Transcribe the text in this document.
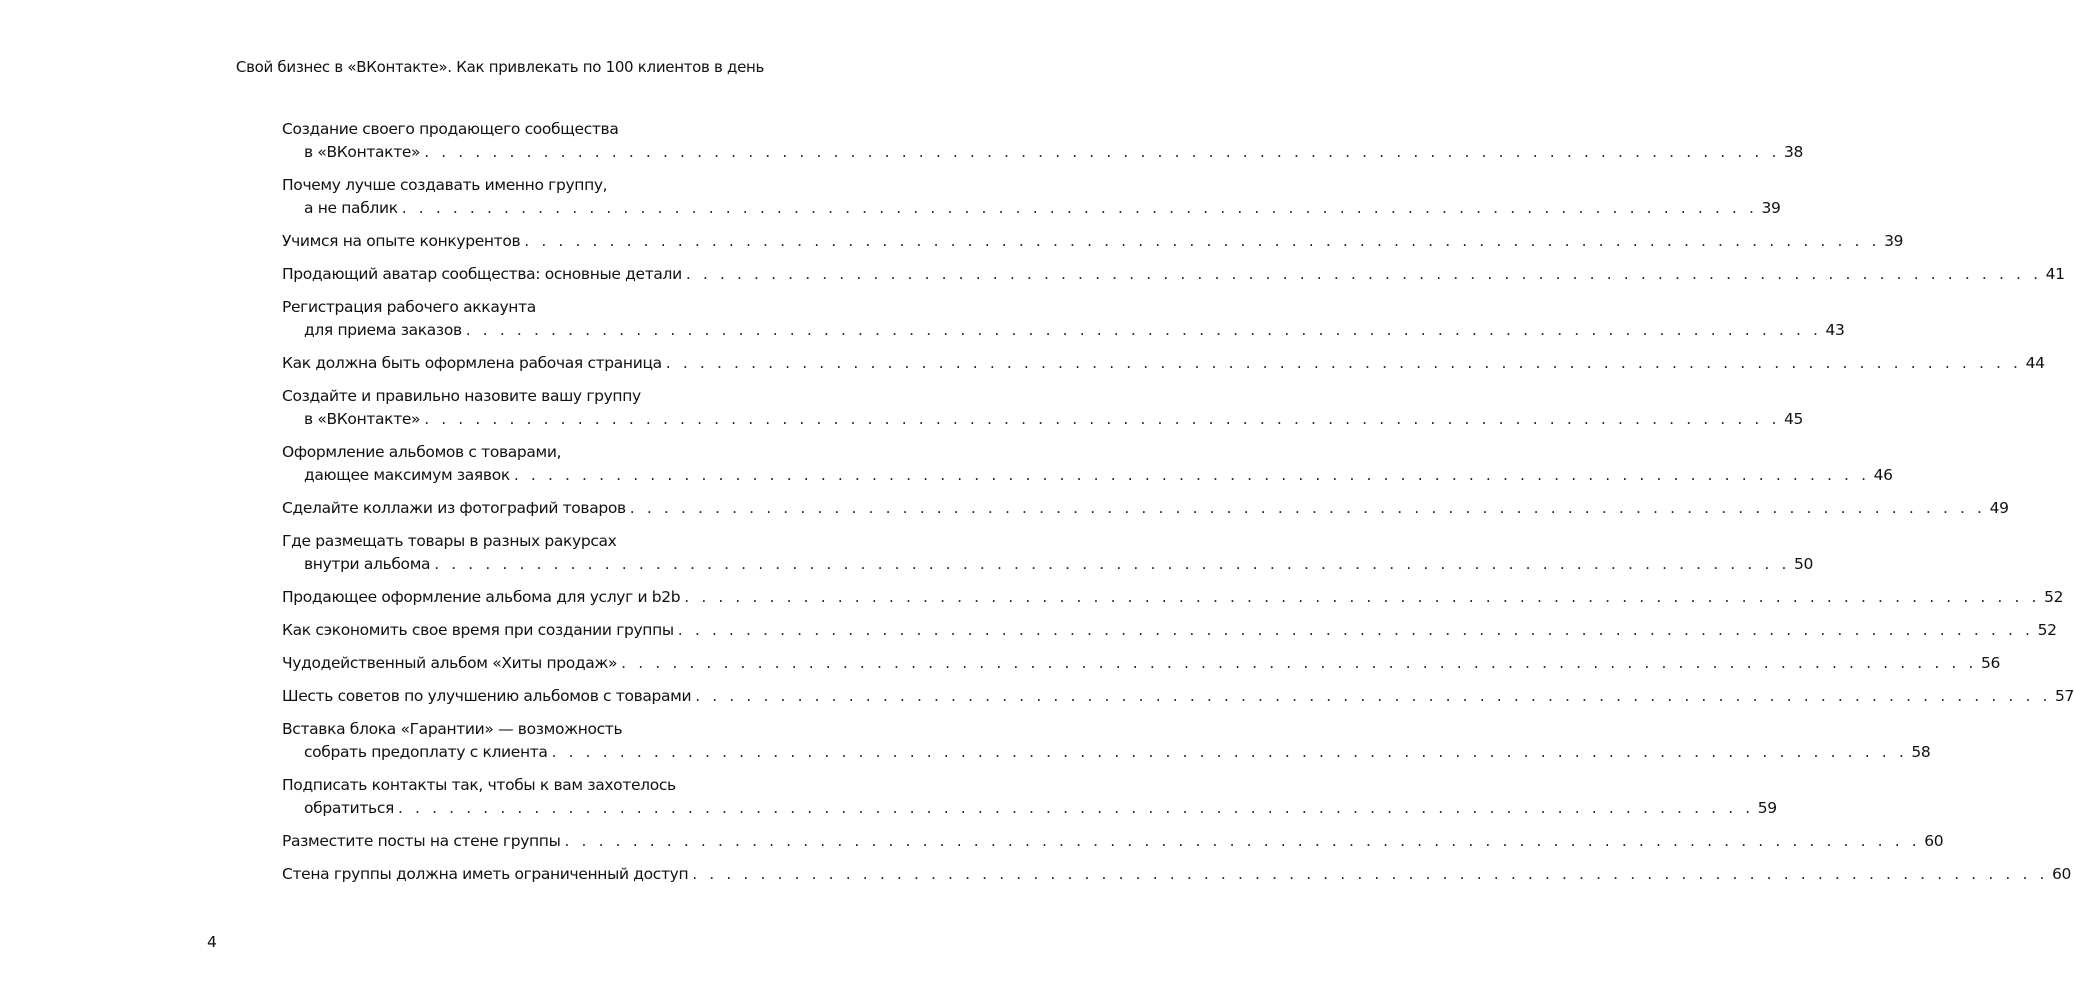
Свой бизнес в «ВКонтакте». Как привлекать по 100 клиентов в день
Создание своего продающего сообщества
в «ВКонтакте» . . . . . . . . . . . . . . . . . . . . . . . . . . . . . . . . . . . . . . . . . . . . . . . . . . . . . . . . . . . . . . . . . . . . . . . . . . . . . . . . 38
Почему лучше создавать именно группу,
а не паблик . . . . . . . . . . . . . . . . . . . . . . . . . . . . . . . . . . . . . . . . . . . . . . . . . . . . . . . . . . . . . . . . . . . . . . . . . . . . . . . . 39
Учимся на опыте конкурентов . . . . . . . . . . . . . . . . . . . . . . . . . . . . . . . . . . . . . . . . . . . . . . . . . . . . . . . . . . . . . . . . . . . . . . . . . . . . . . . . 39
Продающий аватар сообщества: основные детали . . . . . . . . . . . . . . . . . . . . . . . . . . . . . . . . . . . . . . . . . . . . . . . . . . . . . . . . . . . . . . . . . . . . . . . . . . . . . . . . 41
Регистрация рабочего аккаунта
для приема заказов . . . . . . . . . . . . . . . . . . . . . . . . . . . . . . . . . . . . . . . . . . . . . . . . . . . . . . . . . . . . . . . . . . . . . . . . . . . . . . . . 43
Как должна быть оформлена рабочая страница . . . . . . . . . . . . . . . . . . . . . . . . . . . . . . . . . . . . . . . . . . . . . . . . . . . . . . . . . . . . . . . . . . . . . . . . . . . . . . . . 44
Создайте и правильно назовите вашу группу
в «ВКонтакте» . . . . . . . . . . . . . . . . . . . . . . . . . . . . . . . . . . . . . . . . . . . . . . . . . . . . . . . . . . . . . . . . . . . . . . . . . . . . . . . . 45
Оформление альбомов с товарами,
дающее максимум заявок . . . . . . . . . . . . . . . . . . . . . . . . . . . . . . . . . . . . . . . . . . . . . . . . . . . . . . . . . . . . . . . . . . . . . . . . . . . . . . . . 46
Сделайте коллажи из фотографий товаров . . . . . . . . . . . . . . . . . . . . . . . . . . . . . . . . . . . . . . . . . . . . . . . . . . . . . . . . . . . . . . . . . . . . . . . . . . . . . . . . 49
Где размещать товары в разных ракурсах
внутри альбома . . . . . . . . . . . . . . . . . . . . . . . . . . . . . . . . . . . . . . . . . . . . . . . . . . . . . . . . . . . . . . . . . . . . . . . . . . . . . . . . 50
Продающее оформление альбома для услуг и b2b . . . . . . . . . . . . . . . . . . . . . . . . . . . . . . . . . . . . . . . . . . . . . . . . . . . . . . . . . . . . . . . . . . . . . . . . . . . . . . . . 52
Как сэкономить свое время при создании группы . . . . . . . . . . . . . . . . . . . . . . . . . . . . . . . . . . . . . . . . . . . . . . . . . . . . . . . . . . . . . . . . . . . . . . . . . . . . . . . . 52
Чудодейственный альбом «Хиты продаж» . . . . . . . . . . . . . . . . . . . . . . . . . . . . . . . . . . . . . . . . . . . . . . . . . . . . . . . . . . . . . . . . . . . . . . . . . . . . . . . . 56
Шесть советов по улучшению альбомов с товарами . . . . . . . . . . . . . . . . . . . . . . . . . . . . . . . . . . . . . . . . . . . . . . . . . . . . . . . . . . . . . . . . . . . . . . . . . . . . . . . . 57
Вставка блока «Гарантии» — возможность
собрать предоплату с клиента . . . . . . . . . . . . . . . . . . . . . . . . . . . . . . . . . . . . . . . . . . . . . . . . . . . . . . . . . . . . . . . . . . . . . . . . . . . . . . . . 58
Подписать контакты так, чтобы к вам захотелось
обратиться . . . . . . . . . . . . . . . . . . . . . . . . . . . . . . . . . . . . . . . . . . . . . . . . . . . . . . . . . . . . . . . . . . . . . . . . . . . . . . . . 59
Разместите посты на стене группы . . . . . . . . . . . . . . . . . . . . . . . . . . . . . . . . . . . . . . . . . . . . . . . . . . . . . . . . . . . . . . . . . . . . . . . . . . . . . . . . 60
Стена группы должна иметь ограниченный доступ . . . . . . . . . . . . . . . . . . . . . . . . . . . . . . . . . . . . . . . . . . . . . . . . . . . . . . . . . . . . . . . . . . . . . . . . . . . . . . . . 60
4
